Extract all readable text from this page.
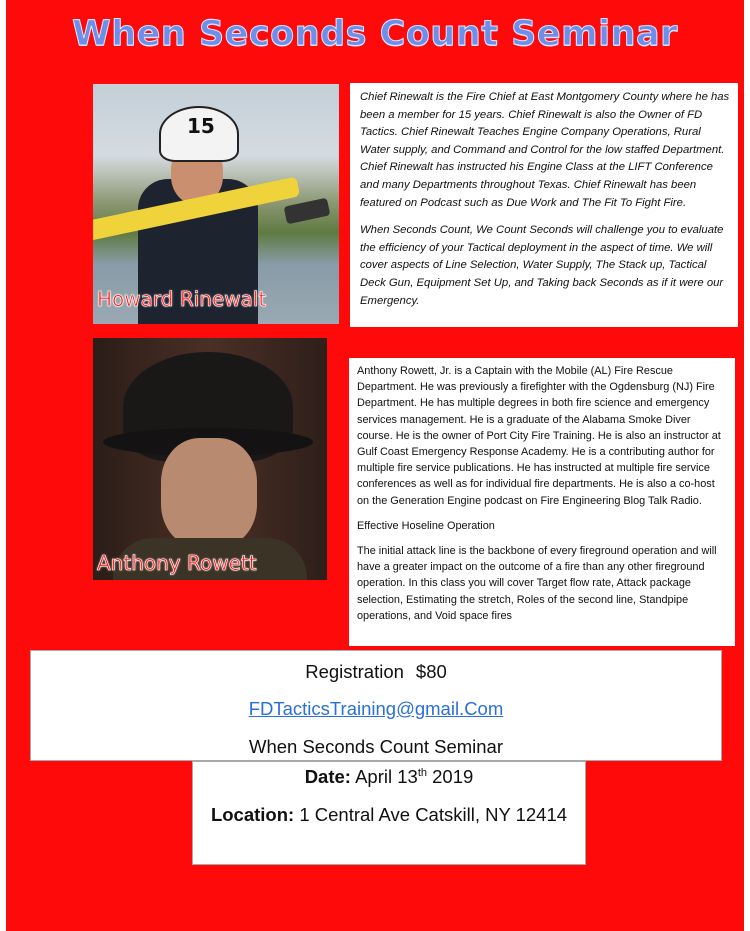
When Seconds Count Seminar
15
Howard Rinewalt

Chief Rinewalt is the Fire Chief at East Montgomery County where he has been a member for 15 years. Chief Rinewalt is also the Owner of FD Tactics. Chief Rinewalt Teaches Engine Company Operations, Rural Water supply, and Command and Control for the low staffed Department. Chief Rinewalt has instructed his Engine Class at the LIFT Conference and many Departments throughout Texas. Chief Rinewalt has been featured on Podcast such as Due Work and The Fit To Fight Fire.

When Seconds Count, We Count Seconds will challenge you to evaluate the efficiency of your Tactical deployment in the aspect of time. We will cover aspects of Line Selection, Water Supply, The Stack up, Tactical Deck Gun, Equipment Set Up, and Taking back Seconds as if it were our Emergency.

Anthony Rowett

Anthony Rowett, Jr. is a Captain with the Mobile (AL) Fire Rescue Department. He was previously a firefighter with the Ogdensburg (NJ) Fire Department. He has multiple degrees in both fire science and emergency services management. He is a graduate of the Alabama Smoke Diver course. He is the owner of Port City Fire Training. He is also an instructor at Gulf Coast Emergency Response Academy. He is a contributing author for multiple fire service publications. He has instructed at multiple fire service conferences as well as for individual fire departments. He is also a co-host on the Generation Engine podcast on Fire Engineering Blog Talk Radio.

Effective Hoseline Operation

The initial attack line is the backbone of every fireground operation and will have a greater impact on the outcome of a fire than any other fireground operation. In this class you will cover Target flow rate, Attack package selection, Estimating the stretch, Roles of the second line, Standpipe operations, and Void space fires

Registration $80
FDTacticsTraining@gmail.Com
When Seconds Count Seminar
Date: April 13th 2019
Location: 1 Central Ave Catskill, NY 12414
